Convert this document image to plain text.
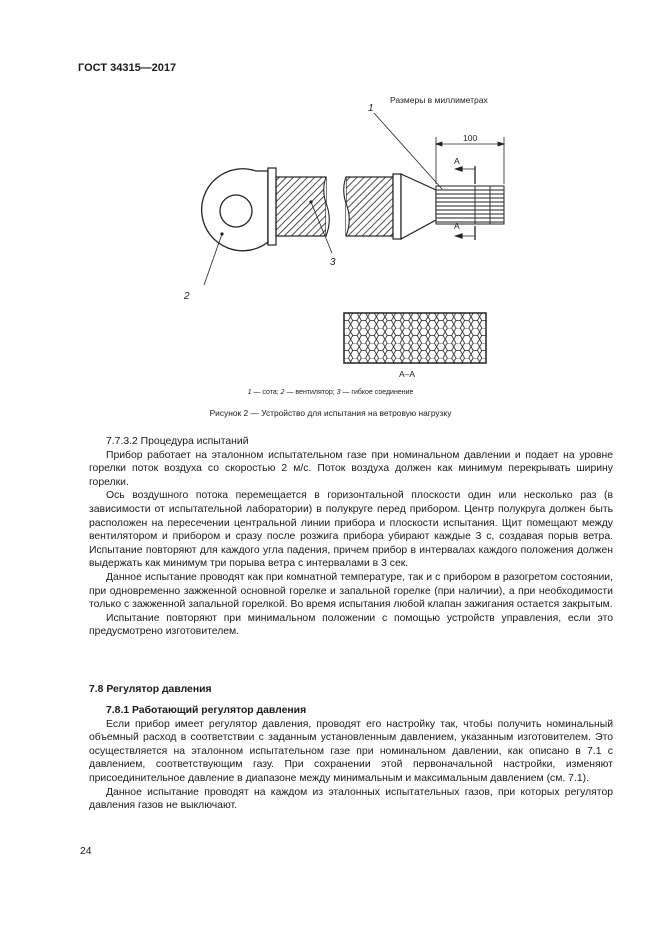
ГОСТ 34315—2017
100
А
А
Размеры в миллиметрах
1
2
3
А–А
1 — сота; 2 — вентилятор; 3 — гибкое соединение
Рисунок 2 — Устройство для испытания на ветровую нагрузку

7.7.3.2 Процедура испытаний

Прибор работает на эталонном испытательном газе при номинальном давлении и подает на уровне горелки поток воздуха со скоростью 2 м/с. Поток воздуха должен как минимум перекрывать ширину горелки.

Ось воздушного потока перемещается в горизонтальной плоскости один или несколько раз (в зависимости от испытательной лаборатории) в полукруге перед прибором. Центр полукруга должен быть расположен на пересечении центральной линии прибора и плоскости испытания. Щит помещают между вентилятором и прибором и сразу после розжига прибора убирают каждые 3 с, создавая порыв ветра. Испытание повторяют для каждого угла падения, причем прибор в интервалах каждого положения должен выдержать как минимум три порыва ветра с интервалами в 3 сек.

Данное испытание проводят как при комнатной температуре, так и с прибором в разогретом состоянии, при одновременно зажженной основной горелке и запальной горелке (при наличии), а при необходимости только с зажженной запальной горелкой. Во время испытания любой клапан зажигания остается закрытым.

Испытание повторяют при минимальном положении с помощью устройств управления, если это предусмотрено изготовителем.

7.8 Регулятор давления

7.8.1 Работающий регулятор давления

Если прибор имеет регулятор давления, проводят его настройку так, чтобы получить номинальный объемный расход в соответствии с заданным установленным давлением, указанным изготовителем. Это осуществляется на эталонном испытательном газе при номинальном давлении, как описано в 7.1 с давлением, соответствующим газу. При сохранении этой первоначальной настройки, изменяют присоединительное давление в диапазоне между минимальным и максимальным давлением (см. 7.1).

Данное испытание проводят на каждом из эталонных испытательных газов, при которых регулятор давления газов не выключают.

24
